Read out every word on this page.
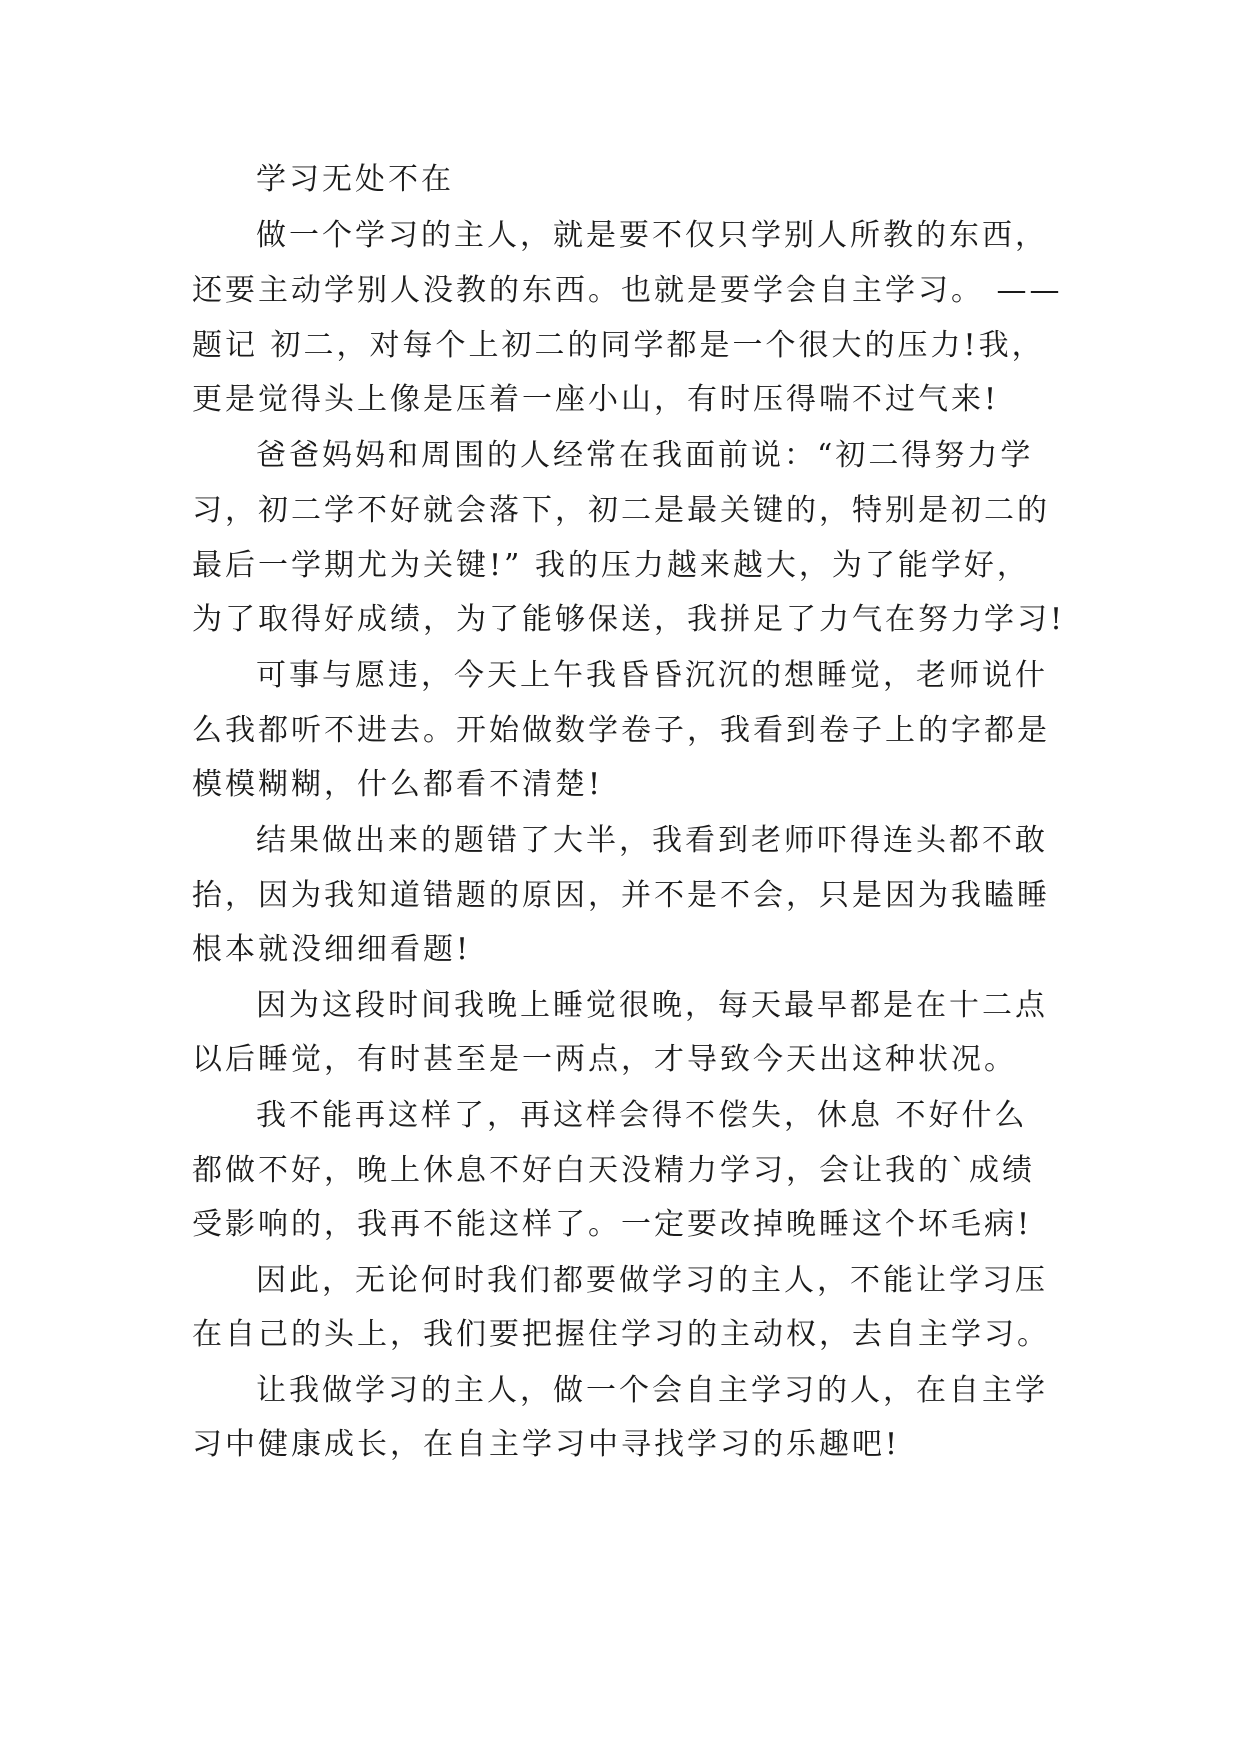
学习无处不在
做一个学习的主人，就是要不仅只学别人所教的东西，
还要主动学别人没教的东西。也就是要学会自主学习。 ——
题记 初二，对每个上初二的同学都是一个很大的压力!我，
更是觉得头上像是压着一座小山，有时压得喘不过气来!
爸爸妈妈和周围的人经常在我面前说：“初二得努力学
习，初二学不好就会落下，初二是最关键的，特别是初二的
最后一学期尤为关键!” 我的压力越来越大，为了能学好，
为了取得好成绩，为了能够保送，我拼足了力气在努力学习!
可事与愿违，今天上午我昏昏沉沉的想睡觉，老师说什
么我都听不进去。开始做数学卷子，我看到卷子上的字都是
模模糊糊，什么都看不清楚!
结果做出来的题错了大半，我看到老师吓得连头都不敢
抬，因为我知道错题的原因，并不是不会，只是因为我瞌睡
根本就没细细看题!
因为这段时间我晚上睡觉很晚，每天最早都是在十二点
以后睡觉，有时甚至是一两点，才导致今天出这种状况。
我不能再这样了，再这样会得不偿失，休息 不好什么
都做不好，晚上休息不好白天没精力学习，会让我的`成绩
受影响的，我再不能这样了。一定要改掉晚睡这个坏毛病!
因此，无论何时我们都要做学习的主人，不能让学习压
在自己的头上，我们要把握住学习的主动权，去自主学习。
让我做学习的主人，做一个会自主学习的人，在自主学
习中健康成长，在自主学习中寻找学习的乐趣吧!
